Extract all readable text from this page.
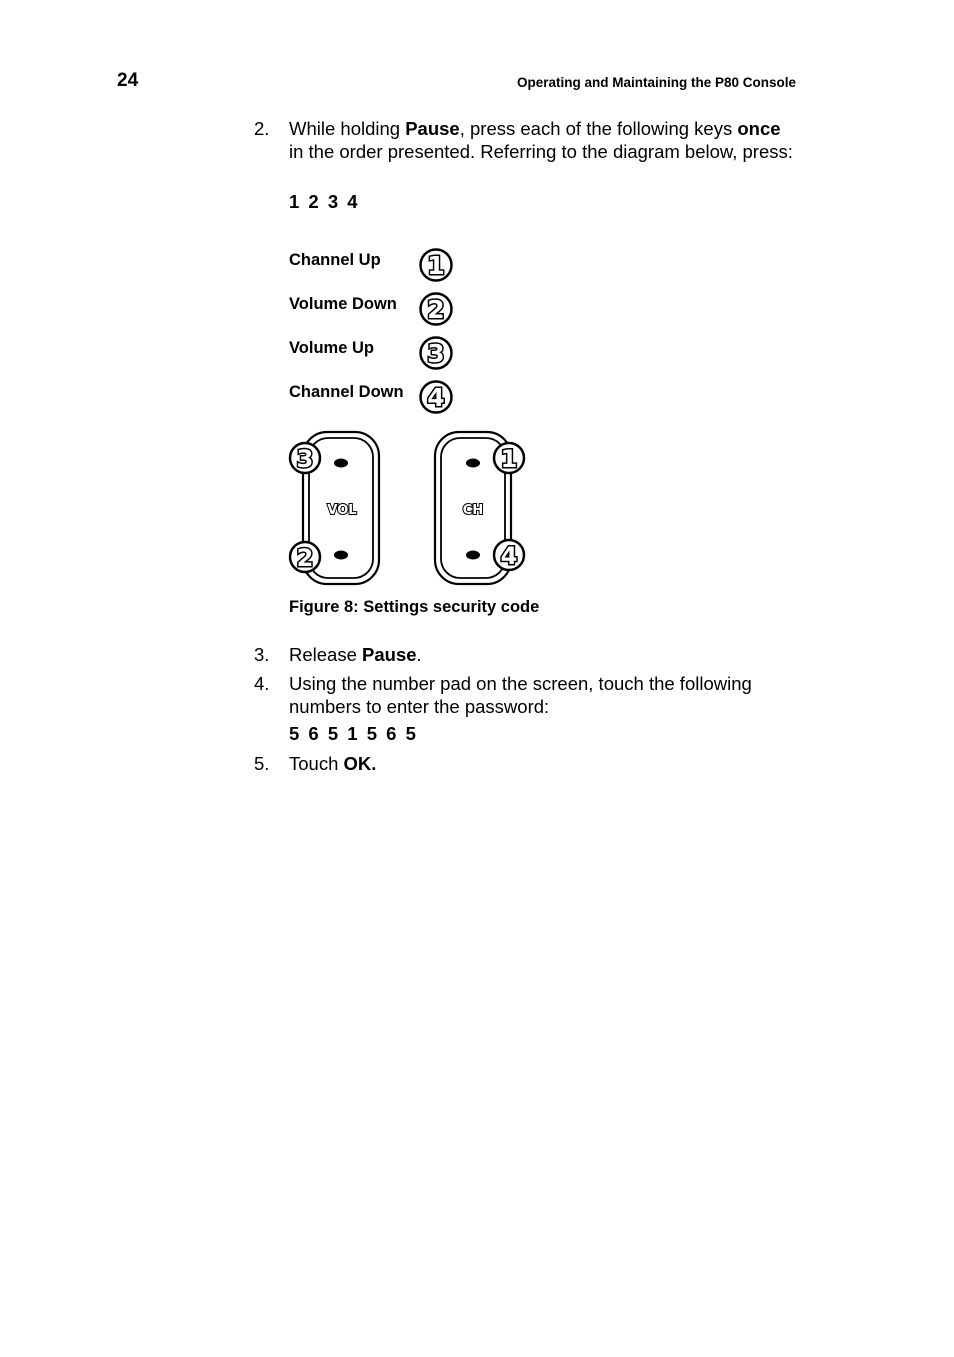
24	Operating and Maintaining the P80 Console
2. While holding Pause, press each of the following keys once in the order presented. Referring to the diagram below, press:
1 2 3 4
Channel Up
Volume Down
Volume Up
Channel Down
1
2
3
4
VOL	CH
3
2
1
4
Figure 8: Settings security code
3. Release Pause.
4. Using the number pad on the screen, touch the following numbers to enter the password:
5 6 5 1 5 6 5
5. Touch OK.
